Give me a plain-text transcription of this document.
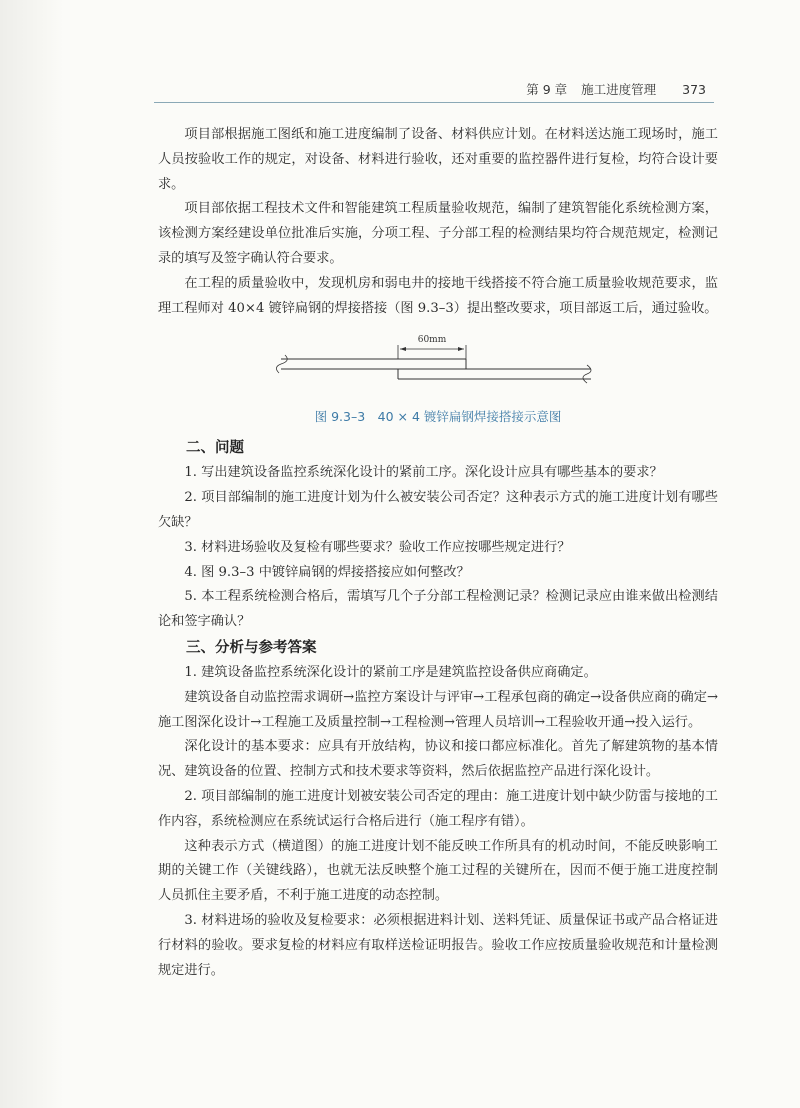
第 9 章 施工进度管理 373

项目部根据施工图纸和施工进度编制了设备、材料供应计划。在材料送达施工现场时，施工人员按验收工作的规定，对设备、材料进行验收，还对重要的监控器件进行复检，均符合设计要求。

项目部依据工程技术文件和智能建筑工程质量验收规范，编制了建筑智能化系统检测方案，该检测方案经建设单位批准后实施，分项工程、子分部工程的检测结果均符合规范规定，检测记录的填写及签字确认符合要求。

在工程的质量验收中，发现机房和弱电井的接地干线搭接不符合施工质量验收规范要求，监理工程师对 40×4 镀锌扁钢的焊接搭接（图 9.3–3）提出整改要求，项目部返工后，通过验收。

60mm
图 9.3–3　40 × 4 镀锌扁钢焊接搭接示意图
二、问题

1. 写出建筑设备监控系统深化设计的紧前工序。深化设计应具有哪些基本的要求？

2. 项目部编制的施工进度计划为什么被安装公司否定？这种表示方式的施工进度计划有哪些欠缺？

3. 材料进场验收及复检有哪些要求？验收工作应按哪些规定进行？

4. 图 9.3–3 中镀锌扁钢的焊接搭接应如何整改？

5. 本工程系统检测合格后，需填写几个子分部工程检测记录？检测记录应由谁来做出检测结论和签字确认？

三、分析与参考答案

1. 建筑设备监控系统深化设计的紧前工序是建筑监控设备供应商确定。

建筑设备自动监控需求调研→监控方案设计与评审→工程承包商的确定→设备供应商的确定→施工图深化设计→工程施工及质量控制→工程检测→管理人员培训→工程验收开通→投入运行。

深化设计的基本要求：应具有开放结构，协议和接口都应标准化。首先了解建筑物的基本情况、建筑设备的位置、控制方式和技术要求等资料，然后依据监控产品进行深化设计。

2. 项目部编制的施工进度计划被安装公司否定的理由：施工进度计划中缺少防雷与接地的工作内容，系统检测应在系统试运行合格后进行（施工程序有错）。

这种表示方式（横道图）的施工进度计划不能反映工作所具有的机动时间，不能反映影响工期的关键工作（关键线路），也就无法反映整个施工过程的关键所在，因而不便于施工进度控制人员抓住主要矛盾，不利于施工进度的动态控制。

3. 材料进场的验收及复检要求：必须根据进料计划、送料凭证、质量保证书或产品合格证进行材料的验收。要求复检的材料应有取样送检证明报告。验收工作应按质量验收规范和计量检测规定进行。
